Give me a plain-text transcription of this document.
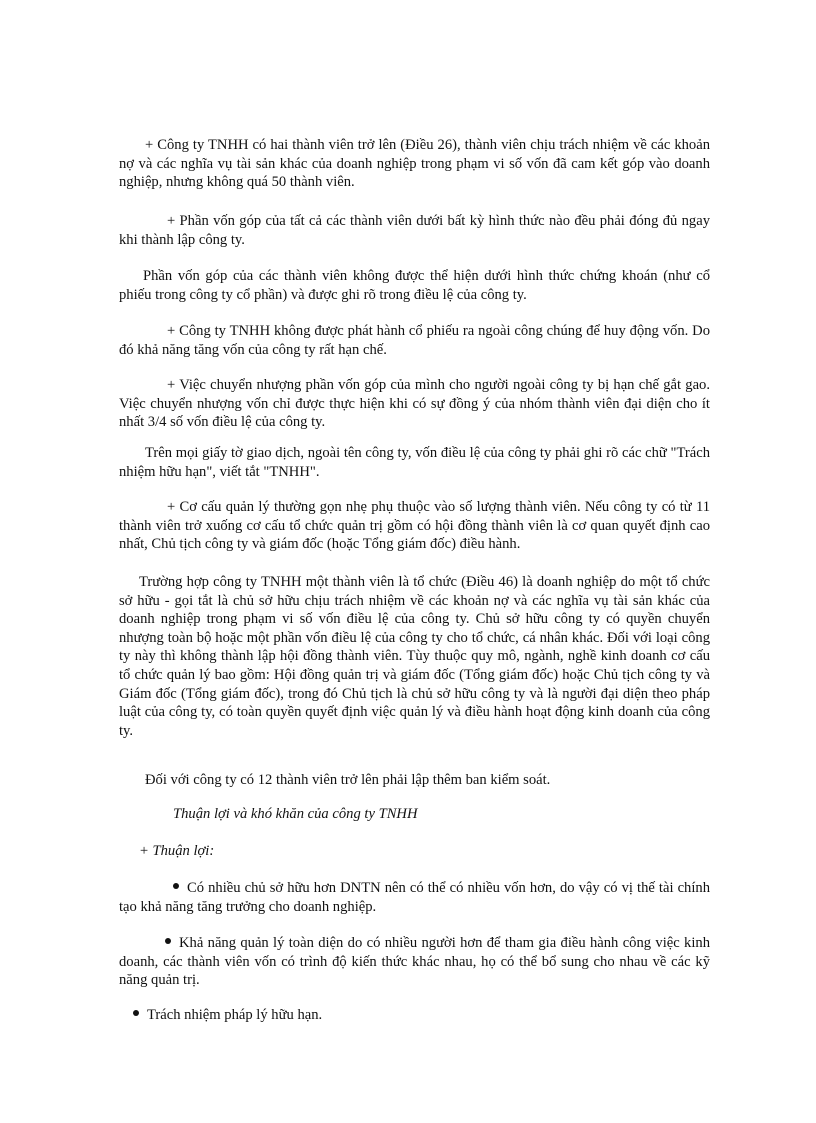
+ Công ty TNHH có hai thành viên trở lên (Điều 26), thành viên chịu trách nhiệm về các khoản nợ và các nghĩa vụ tài sản khác của doanh nghiệp trong phạm vi số vốn đã cam kết góp vào doanh nghiệp, nhưng không quá 50 thành viên.

+ Phần vốn góp của tất cả các thành viên dưới bất kỳ hình thức nào đều phải đóng đủ ngay khi thành lập công ty.

Phần vốn góp của các thành viên không được thể hiện dưới hình thức chứng khoán (như cổ phiếu trong công ty cổ phần) và được ghi rõ trong điều lệ của công ty.

+ Công ty TNHH không được phát hành cổ phiếu ra ngoài công chúng để huy động vốn. Do đó khả năng tăng vốn của công ty rất hạn chế.

+ Việc chuyển nhượng phần vốn góp của mình cho người ngoài công ty bị hạn chế gắt gao. Việc chuyển nhượng vốn chỉ được thực hiện khi có sự đồng ý của nhóm thành viên đại diện cho ít nhất 3/4 số vốn điều lệ của công ty.

Trên mọi giấy tờ giao dịch, ngoài tên công ty, vốn điều lệ của công ty phải ghi rõ các chữ "Trách nhiệm hữu hạn", viết tắt "TNHH".

+ Cơ cấu quản lý thường gọn nhẹ phụ thuộc vào số lượng thành viên. Nếu công ty có từ 11 thành viên trở xuống cơ cấu tổ chức quản trị gồm có hội đồng thành viên là cơ quan quyết định cao nhất, Chủ tịch công ty và giám đốc (hoặc Tổng giám đốc) điều hành.

Trường hợp công ty TNHH một thành viên là tổ chức (Điều 46) là doanh nghiệp do một tổ chức sở hữu - gọi tắt là chủ sở hữu chịu trách nhiệm về các khoản nợ và các nghĩa vụ tài sản khác của doanh nghiệp trong phạm vi số vốn điều lệ của công ty. Chủ sở hữu công ty có quyền chuyển nhượng toàn bộ hoặc một phần vốn điều lệ của công ty cho tổ chức, cá nhân khác. Đối với loại công ty này thì không thành lập hội đồng thành viên. Tùy thuộc quy mô, ngành, nghề kinh doanh cơ cấu tổ chức quản lý bao gồm: Hội đồng quản trị và giám đốc (Tổng giám đốc) hoặc Chủ tịch công ty và Giám đốc (Tổng giám đốc), trong đó Chủ tịch là chủ sở hữu công ty và là người đại diện theo pháp luật của công ty, có toàn quyền quyết định việc quản lý và điều hành hoạt động kinh doanh của công ty.

Đối với công ty có 12 thành viên trở lên phải lập thêm ban kiểm soát.

Thuận lợi và khó khăn của công ty TNHH

+ Thuận lợi:

Có nhiều chủ sở hữu hơn DNTN nên có thể có nhiều vốn hơn, do vậy có vị thế tài chính tạo khả năng tăng trưởng cho doanh nghiệp.

Khả năng quản lý toàn diện do có nhiều người hơn để tham gia điều hành công việc kinh doanh, các thành viên vốn có trình độ kiến thức khác nhau, họ có thể bổ sung cho nhau về các kỹ năng quản trị.

Trách nhiệm pháp lý hữu hạn.
